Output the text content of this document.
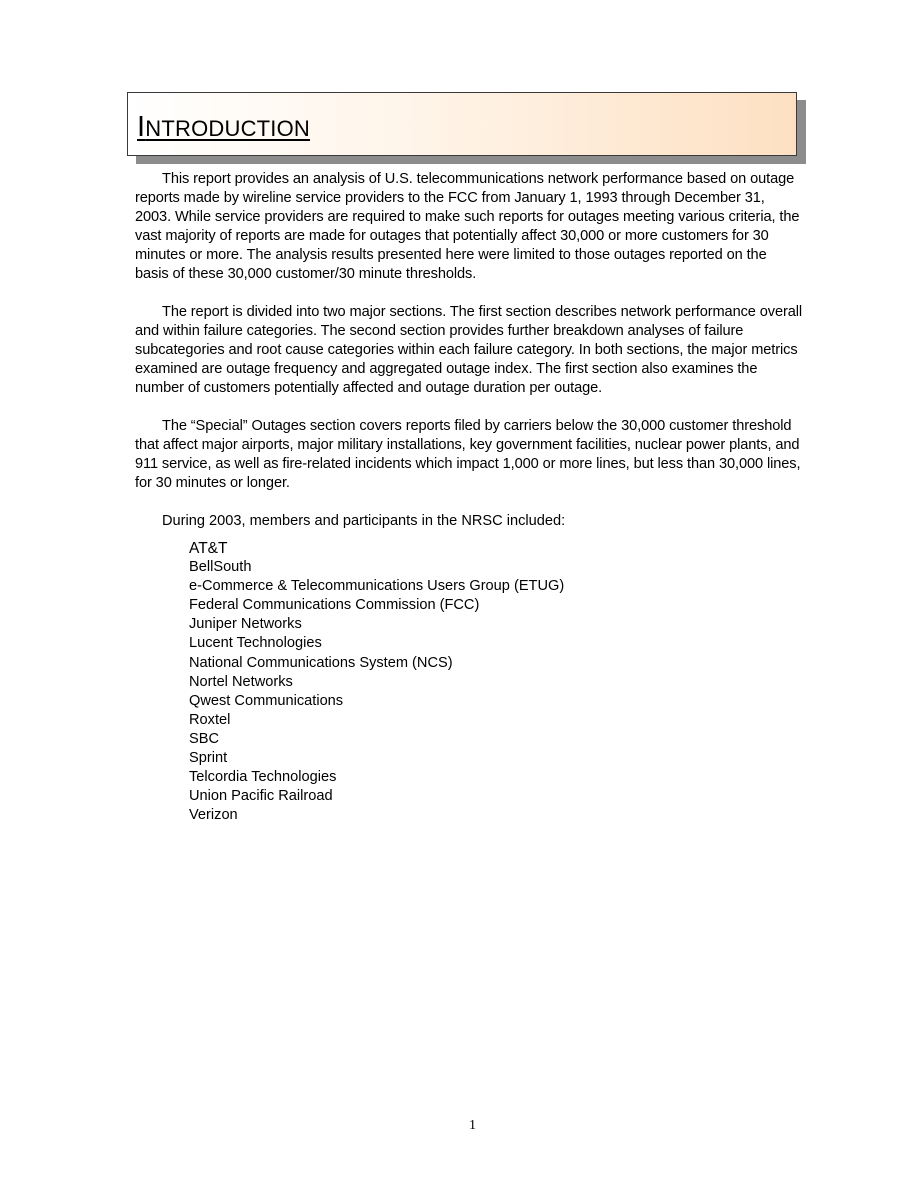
INTRODUCTION

This report provides an analysis of U.S. telecommunications network performance based on outage reports made by wireline service providers to the FCC from January 1, 1993 through December 31, 2003. While service providers are required to make such reports for outages meeting various criteria, the vast majority of reports are made for outages that potentially affect 30,000 or more customers for 30 minutes or more. The analysis results presented here were limited to those outages reported on the basis of these 30,000 customer/30 minute thresholds.

The report is divided into two major sections. The first section describes network performance overall and within failure categories. The second section provides further breakdown analyses of failure subcategories and root cause categories within each failure category. In both sections, the major metrics examined are outage frequency and aggregated outage index. The first section also examines the number of customers potentially affected and outage duration per outage.

The “Special” Outages section covers reports filed by carriers below the 30,000 customer threshold that affect major airports, major military installations, key government facilities, nuclear power plants, and 911 service, as well as fire-related incidents which impact 1,000 or more lines, but less than 30,000 lines, for 30 minutes or longer.

During 2003, members and participants in the NRSC included:

AT&T
BellSouth
e-Commerce & Telecommunications Users Group (ETUG)
Federal Communications Commission (FCC)
Juniper Networks
Lucent Technologies
National Communications System (NCS)
Nortel Networks
Qwest Communications
Roxtel
SBC
Sprint
Telcordia Technologies
Union Pacific Railroad
Verizon
1
